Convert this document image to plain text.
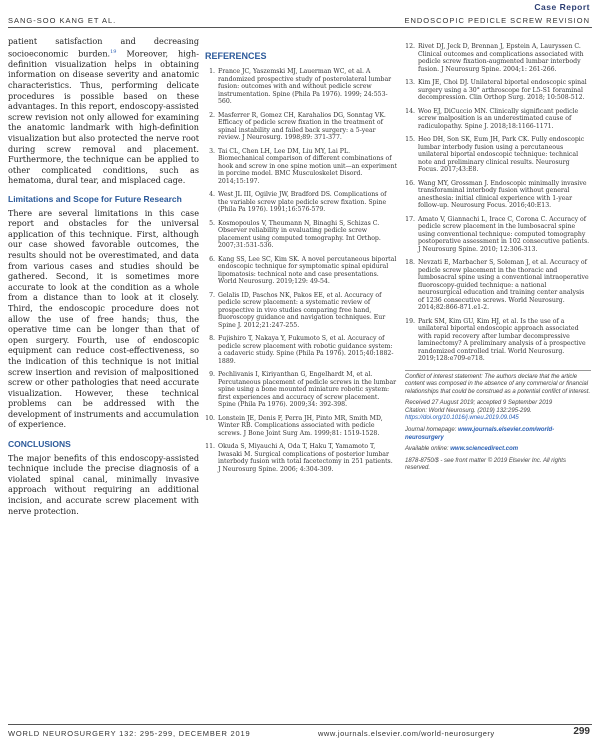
Case Report
SANG-SOO KANG ET AL.	ENDOSCOPIC PEDICLE SCREW REVISION

patient satisfaction and decreasing socioeconomic burden.$^{19}$ Moreover, high-definition visualization helps in obtaining information on disease severity and anatomic characteristics. Thus, performing delicate procedures is possible based on these advantages. In this report, endoscopy-assisted screw revision not only allowed for examining the anatomic landmark with high-definition visualization but also protected the nerve root during screw removal and placement. Furthermore, the technique can be applied to other complicated conditions, such as hematoma, dural tear, and misplaced cage.

Limitations and Scope for Future Research

There are several limitations in this case report and obstacles for the universal application of this technique. First, although our case showed favorable outcomes, the results should not be overestimated, and data from various cases and studies should be gathered. Second, it is sometimes more accurate to look at the condition as a whole from a distance than to look at it closely. Third, the endoscopic procedure does not allow the use of free hands; thus, the operative time can be longer than that of open surgery. Fourth, use of endoscopic equipment can reduce cost-effectiveness, so the indication of this technique is not initial screw insertion and revision of malpositioned screw or other pathologies that need accurate visualization. However, these technical problems can be addressed with the development of instruments and accumulation of experience.

CONCLUSIONS

The major benefits of this endoscopy-assisted technique include the precise diagnosis of a violated spinal canal, minimally invasive approach without requiring an additional incision, and accurate screw placement with nerve protection.

REFERENCES
1. France JC, Yaszemski MJ, Lauerman WC, et al. A randomized prospective study of posterolateral lumbar fusion: outcomes with and without pedicle screw instrumentation. Spine (Phila Pa 1976). 1999; 24:553-560.
2. Masferrer R, Gomez CH, Karahalios DG, Sonntag VK. Efficacy of pedicle screw fixation in the treatment of spinal instability and failed back surgery: a 5-year review. J Neurosurg. 1998;89: 371-377.
3. Tai CL, Chen LH, Lee DM, Liu MY, Lai PL. Biomechanical comparison of different combinations of hook and screw in one spine motion unit—an experiment in porcine model. BMC Musculoskelet Disord. 2014;15:197.
4. West JL III, Ogilvie JW, Bradford DS. Complications of the variable screw plate pedicle screw fixation. Spine (Phila Pa 1976). 1991;16:576-579.
5. Kosmopoulos V, Theumann N, Binaghi S, Schizas C. Observer reliability in evaluating pedicle screw placement using computed tomography. Int Orthop. 2007;31:531-536.
6. Kang SS, Lee SC, Kim SK. A novel percutaneous biportal endoscopic technique for symptomatic spinal epidural lipomatosis: technical note and case presentations. World Neurosurg. 2019;129: 49-54.
7. Gelalis ID, Paschos NK, Pakos EE, et al. Accuracy of pedicle screw placement: a systematic review of prospective in vivo studies comparing free hand, fluoroscopy guidance and navigation techniques. Eur Spine J. 2012;21:247-255.
8. Fujishiro T, Nakaya Y, Fukumoto S, et al. Accuracy of pedicle screw placement with robotic guidance system: a cadaveric study. Spine (Phila Pa 1976). 2015;40:1882-1889.
9. Pechlivanis I, Kiriyanthan G, Engelhardt M, et al. Percutaneous placement of pedicle screws in the lumbar spine using a bone mounted miniature robotic system: first experiences and accuracy of screw placement. Spine (Phila Pa 1976). 2009;34: 392-398.
10. Lonstein JE, Denis F, Perra JH, Pinto MR, Smith MD, Winter RB. Complications associated with pedicle screws. J Bone Joint Surg Am. 1999;81: 1519-1528.
11. Okuda S, Miyauchi A, Oda T, Haku T, Yamamoto T, Iwasaki M. Surgical complications of posterior lumbar interbody fusion with total facetectomy in 251 patients. J Neurosurg Spine. 2006; 4:304-309.
12. Rivet DJ, Jeck D, Brennan J, Epstein A, Lauryssen C. Clinical outcomes and complications associated with pedicle screw fixation-augmented lumbar interbody fusion. J Neurosurg Spine. 2004;1: 261-266.
13. Kim JE, Choi DJ. Unilateral biportal endoscopic spinal surgery using a 30° arthroscope for L5-S1 foraminal decompression. Clin Orthop Surg. 2018; 10:508-512.
14. Woo EJ, DiCuccio MN. Clinically significant pedicle screw malposition is an underestimated cause of radiculopathy. Spine J. 2018;18:1166-1171.
15. Heo DH, Son SK, Eum JH, Park CK. Fully endoscopic lumbar interbody fusion using a percutaneous unilateral biportal endoscopic technique: technical note and preliminary clinical results. Neurosurg Focus. 2017;43:E8.
16. Wang MY, Grossman J. Endoscopic minimally invasive transforaminal interbody fusion without general anesthesia: initial clinical experience with 1-year follow-up. Neurosurg Focus. 2016;40:E13.
17. Amato V, Giannachi L, Irace C, Corona C. Accuracy of pedicle screw placement in the lumbosacral spine using conventional technique: computed tomography postoperative assessment in 102 consecutive patients. J Neurosurg Spine. 2010; 12:306-313.
18. Nevzati E, Marbacher S, Soleman J, et al. Accuracy of pedicle screw placement in the thoracic and lumbosacral spine using a conventional intraoperative fluoroscopy-guided technique: a national neurosurgical education and training center analysis of 1236 consecutive screws. World Neurosurg. 2014;82:866-871.e1-2.
19. Park SM, Kim GU, Kim HJ, et al. Is the use of a unilateral biportal endoscopic approach associated with rapid recovery after lumbar decompressive laminectomy? A preliminary analysis of a prospective randomized controlled trial. World Neurosurg. 2019;128:e709-e718.
Conflict of interest statement: The authors declare that the article content was composed in the absence of any commercial or financial relationships that could be construed as a potential conflict of interest.
Received 27 August 2019; accepted 9 September 2019
Citation: World Neurosurg. (2019) 132:295-299.
https://doi.org/10.1016/j.wneu.2019.09.045
Journal homepage: www.journals.elsevier.com/world-neurosurgery
Available online: www.sciencedirect.com
1878-8750/$ - see front matter © 2019 Elsevier Inc. All rights reserved.
WORLD NEUROSURGERY 132: 295-299, DECEMBER 2019	www.journals.elsevier.com/world-neurosurgery	299
